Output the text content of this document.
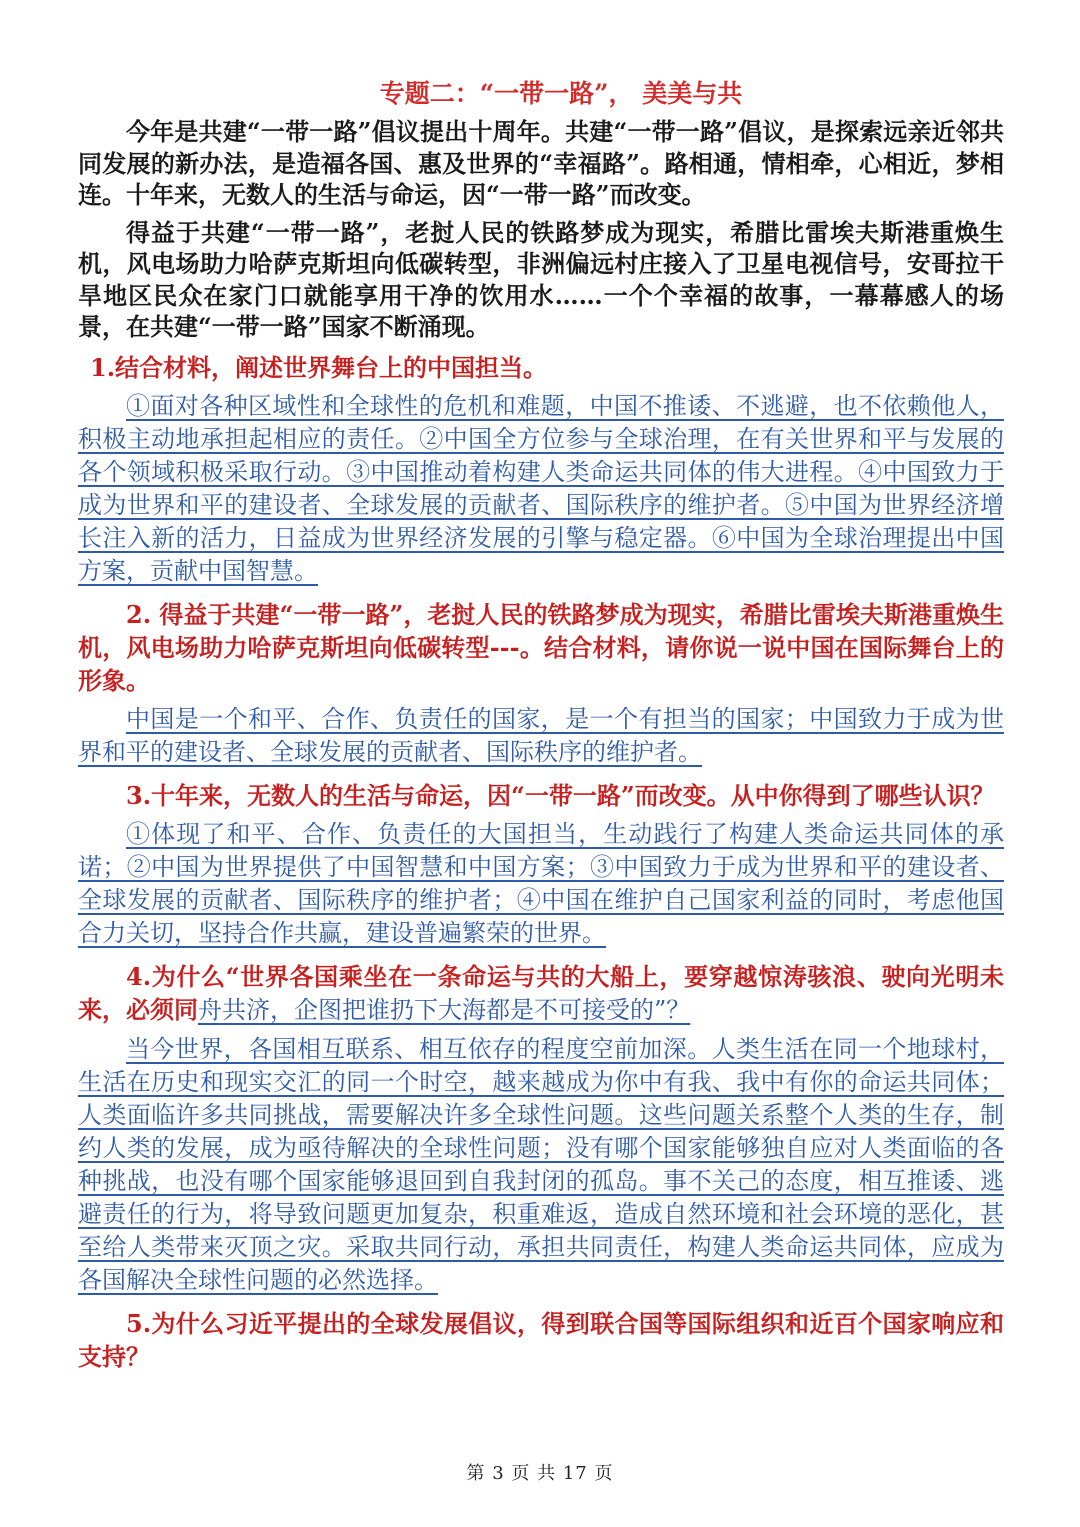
专题二：“一带一路”， 美美与共

今年是共建“一带一路”倡议提出十周年。共建“一带一路”倡议，是探索远亲近邻共同发展的新办法，是造福各国、惠及世界的“幸福路”。路相通，情相牵，心相近，梦相连。十年来，无数人的生活与命运，因“一带一路”而改变。

得益于共建“一带一路”，老挝人民的铁路梦成为现实，希腊比雷埃夫斯港重焕生机，风电场助力哈萨克斯坦向低碳转型，非洲偏远村庄接入了卫星电视信号，安哥拉干旱地区民众在家门口就能享用干净的饮用水……一个个幸福的故事，一幕幕感人的场景，在共建“一带一路”国家不断涌现。

1.结合材料，阐述世界舞台上的中国担当。

①面对各种区域性和全球性的危机和难题，中国不推诿、不逃避，也不依赖他人，积极主动地承担起相应的责任。②中国全方位参与全球治理，在有关世界和平与发展的各个领域积极采取行动。③中国推动着构建人类命运共同体的伟大进程。④中国致力于成为世界和平的建设者、全球发展的贡献者、国际秩序的维护者。⑤中国为世界经济增长注入新的活力，日益成为世界经济发展的引擎与稳定器。⑥中国为全球治理提出中国方案，贡献中国智慧。

2. 得益于共建“一带一路”，老挝人民的铁路梦成为现实，希腊比雷埃夫斯港重焕生机，风电场助力哈萨克斯坦向低碳转型---。结合材料，请你说一说中国在国际舞台上的形象。

中国是一个和平、合作、负责任的国家，是一个有担当的国家；中国致力于成为世界和平的建设者、全球发展的贡献者、国际秩序的维护者。

3.十年来，无数人的生活与命运，因“一带一路”而改变。从中你得到了哪些认识？

①体现了和平、合作、负责任的大国担当，生动践行了构建人类命运共同体的承诺；②中国为世界提供了中国智慧和中国方案；③中国致力于成为世界和平的建设者、全球发展的贡献者、国际秩序的维护者；④中国在维护自己国家利益的同时，考虑他国合力关切，坚持合作共赢，建设普遍繁荣的世界。

4.为什么“世界各国乘坐在一条命运与共的大船上，要穿越惊涛骇浪、驶向光明未来，必须同舟共济，企图把谁扔下大海都是不可接受的”？

当今世界，各国相互联系、相互依存的程度空前加深。人类生活在同一个地球村，生活在历史和现实交汇的同一个时空，越来越成为你中有我、我中有你的命运共同体；人类面临许多共同挑战，需要解决许多全球性问题。这些问题关系整个人类的生存，制约人类的发展，成为亟待解决的全球性问题；没有哪个国家能够独自应对人类面临的各种挑战，也没有哪个国家能够退回到自我封闭的孤岛。事不关己的态度，相互推诿、逃避责任的行为，将导致问题更加复杂，积重难返，造成自然环境和社会环境的恶化，甚至给人类带来灭顶之灾。采取共同行动，承担共同责任，构建人类命运共同体，应成为各国解决全球性问题的必然选择。

5.为什么习近平提出的全球发展倡议，得到联合国等国际组织和近百个国家响应和支持？

第 3 页 共 17 页
